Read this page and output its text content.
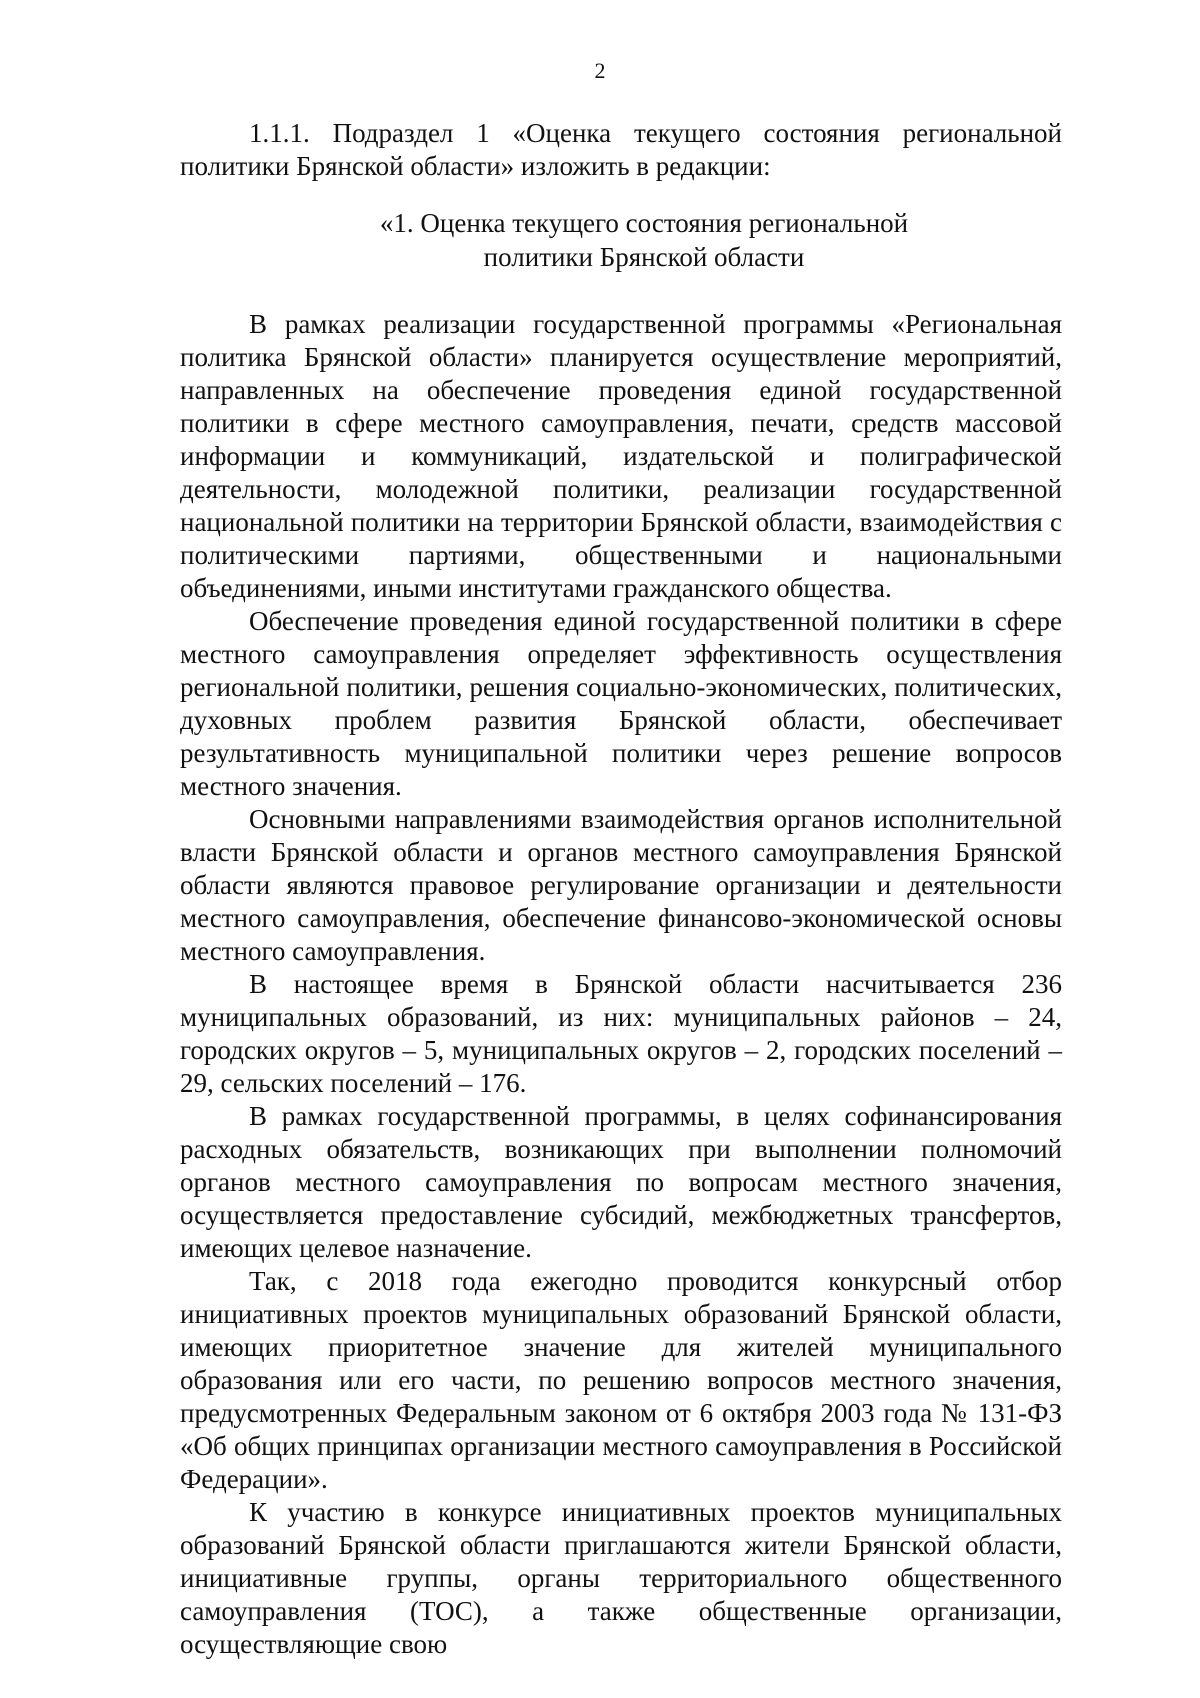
2

1.1.1. Подраздел 1 «Оценка текущего состояния региональной политики Брянской области» изложить в редакции:

«1. Оценка текущего состояния региональной
политики Брянской области

В рамках реализации государственной программы «Региональная политика Брянской области» планируется осуществление мероприятий, направленных на обеспечение проведения единой государственной политики в сфере местного самоуправления, печати, средств массовой информации и коммуникаций, издательской и полиграфической деятельности, молодежной политики, реализации государственной национальной политики на территории Брянской области, взаимодействия с политическими партиями, общественными и национальными объединениями, иными институтами гражданского общества.

Обеспечение проведения единой государственной политики в сфере местного самоуправления определяет эффективность осуществления региональной политики, решения социально-экономических, политических, духовных проблем развития Брянской области, обеспечивает результативность муниципальной политики через решение вопросов местного значения.

Основными направлениями взаимодействия органов исполнительной власти Брянской области и органов местного самоуправления Брянской области являются правовое регулирование организации и деятельности местного самоуправления, обеспечение финансово-экономической основы местного самоуправления.

В настоящее время в Брянской области насчитывается 236 муниципальных образований, из них: муниципальных районов – 24, городских округов – 5, муниципальных округов – 2, городских поселений – 29, сельских поселений – 176.

В рамках государственной программы, в целях софинансирования расходных обязательств, возникающих при выполнении полномочий органов местного самоуправления по вопросам местного значения, осуществляется предоставление субсидий, межбюджетных трансфертов, имеющих целевое назначение.

Так, с 2018 года ежегодно проводится конкурсный отбор инициативных проектов муниципальных образований Брянской области, имеющих приоритетное значение для жителей муниципального образования или его части, по решению вопросов местного значения, предусмотренных Федеральным законом от 6 октября 2003 года № 131-ФЗ «Об общих принципах организации местного самоуправления в Российской Федерации».

К участию в конкурсе инициативных проектов муниципальных образований Брянской области приглашаются жители Брянской области, инициативные группы, органы территориального общественного самоуправления (ТОС), а также общественные организации, осуществляющие свою
